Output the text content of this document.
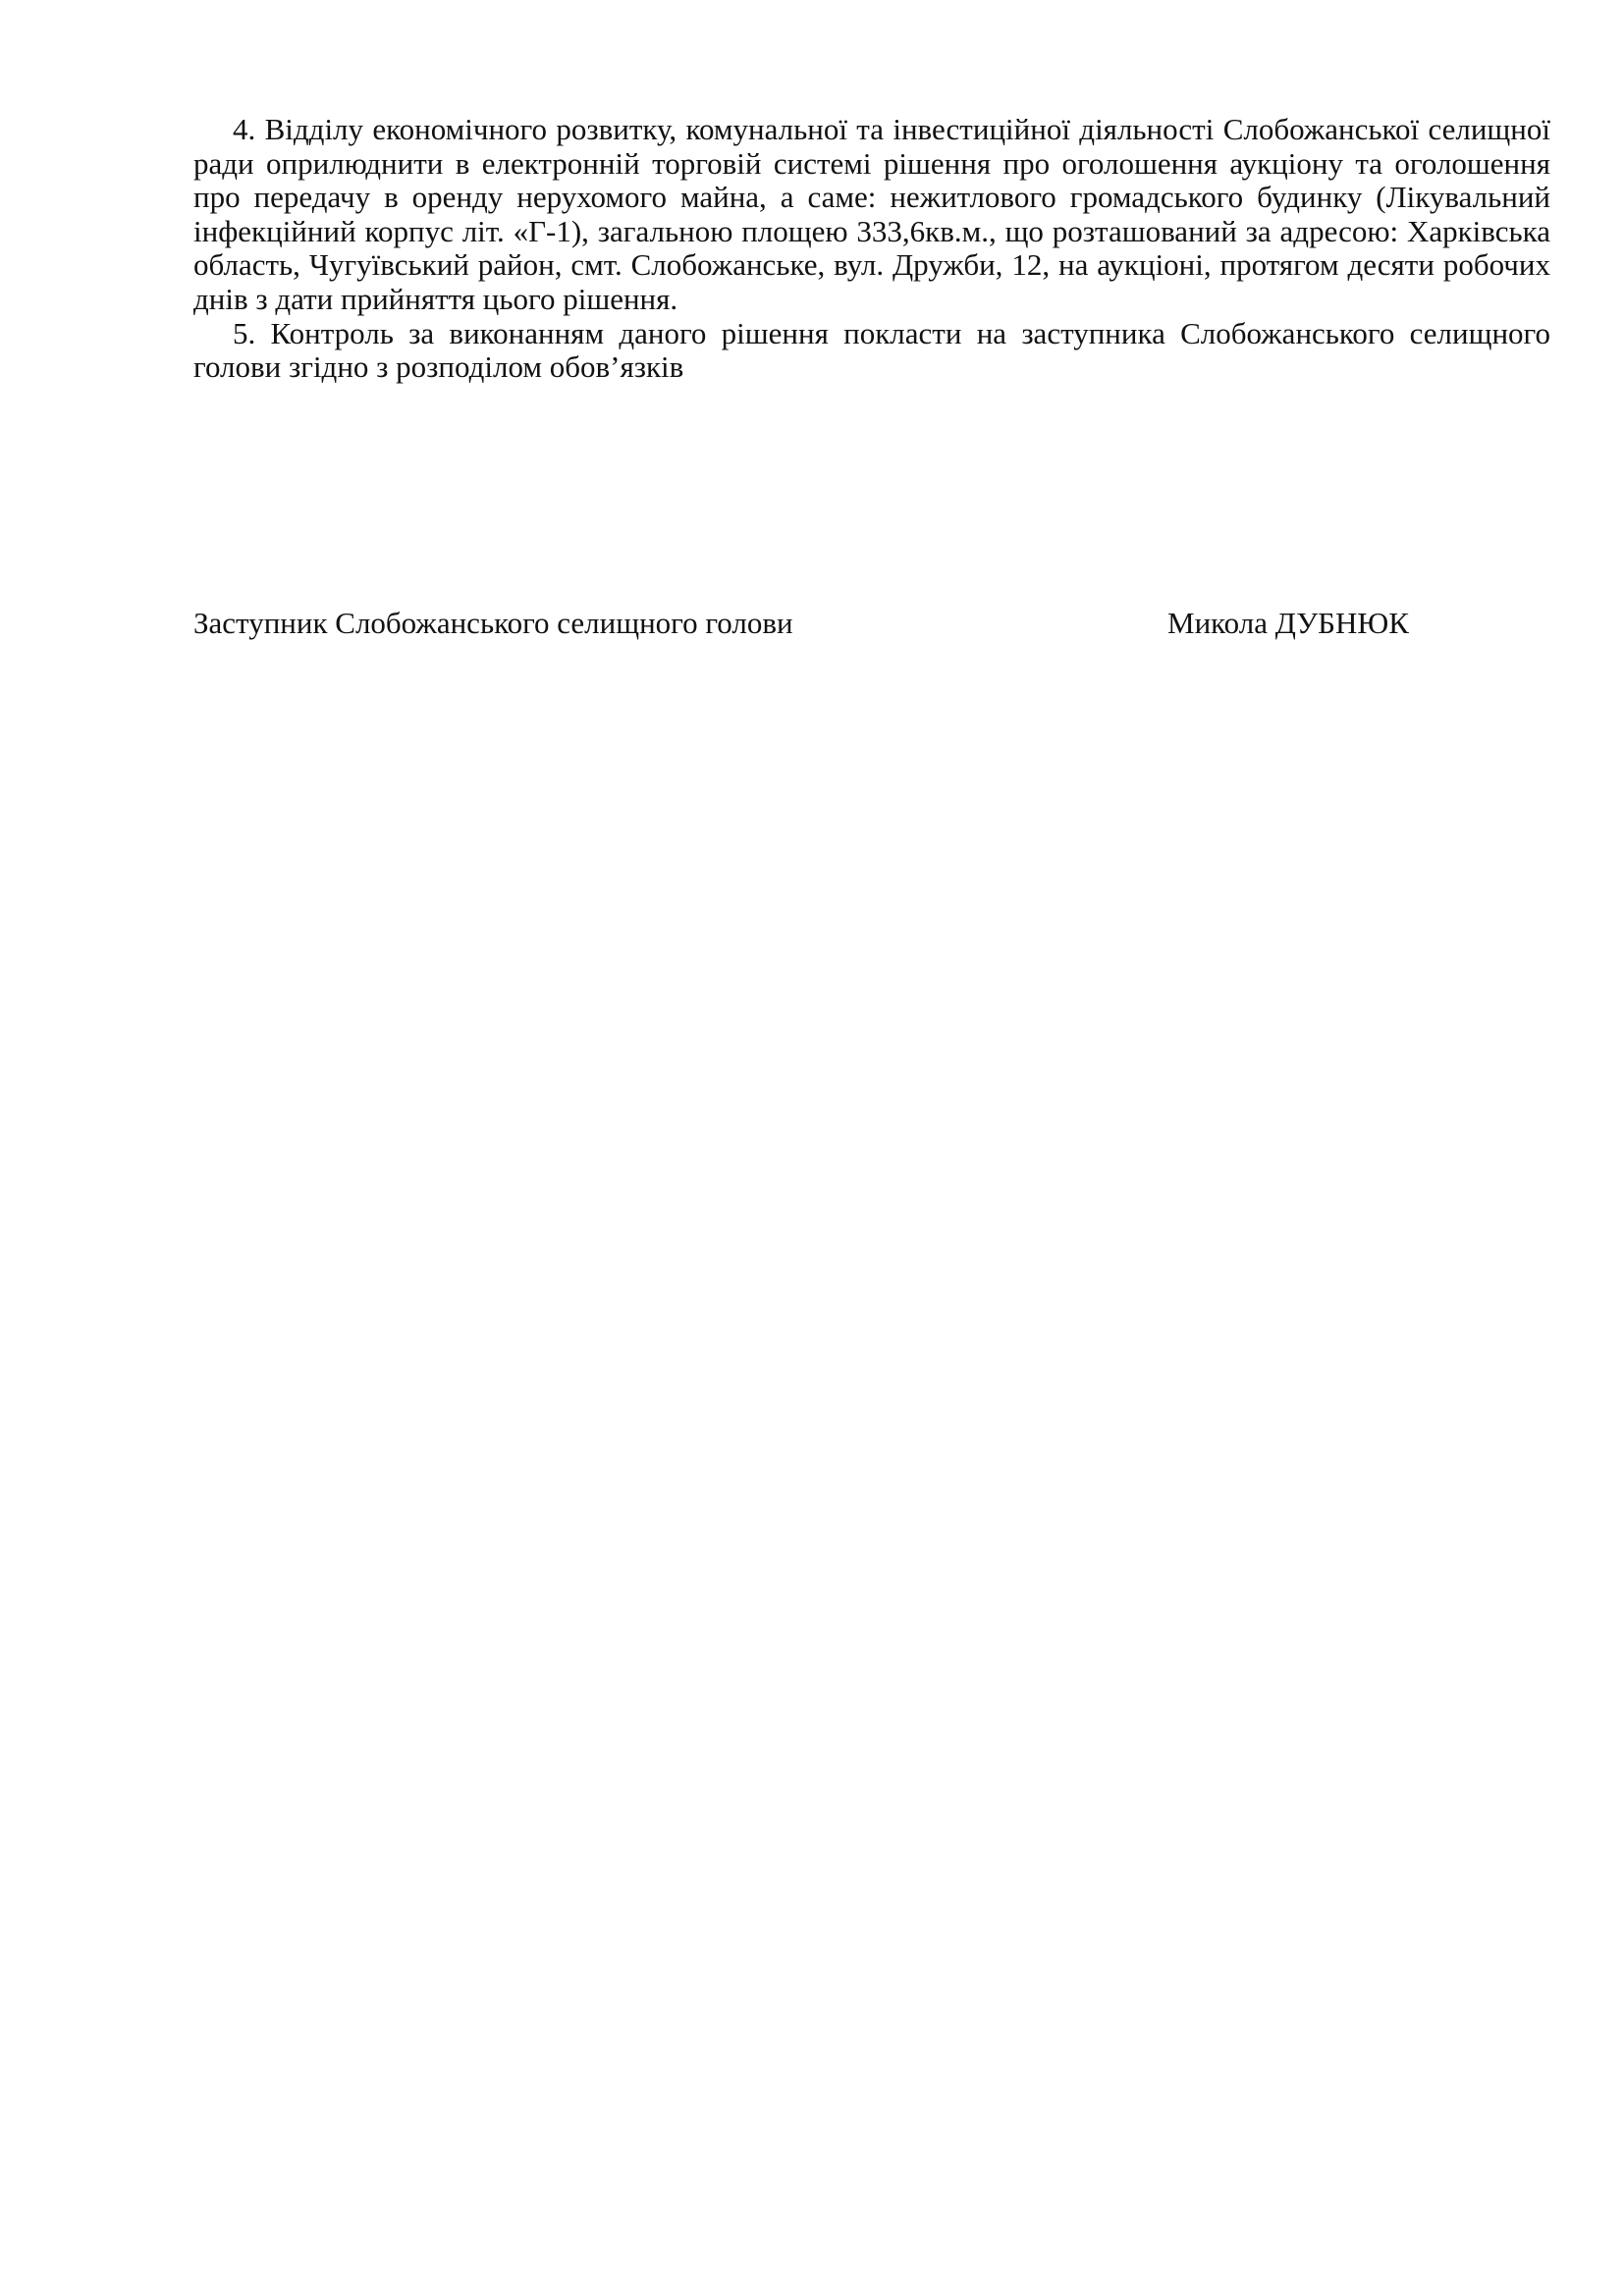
4. Відділу економічного розвитку, комунальної та інвестиційної діяльності Слобожанської селищної ради оприлюднити в електронній торговій системі рішення про оголошення аукціону та оголошення про передачу в оренду нерухомого майна, а саме: нежитлового громадського будинку (Лікувальний інфекційний корпус літ. «Г-1), загальною площею 333,6кв.м., що розташований за адресою: Харківська область, Чугуївський район, смт. Слобожанське, вул. Дружби, 12, на аукціоні, протягом десяти робочих днів з дати прийняття цього рішення.

5. Контроль за виконанням даного рішення покласти на заступника Слобожанського селищного голови згідно з розподілом обов’язків

Заступник Слобожанського селищного голови	Микола ДУБНЮК
